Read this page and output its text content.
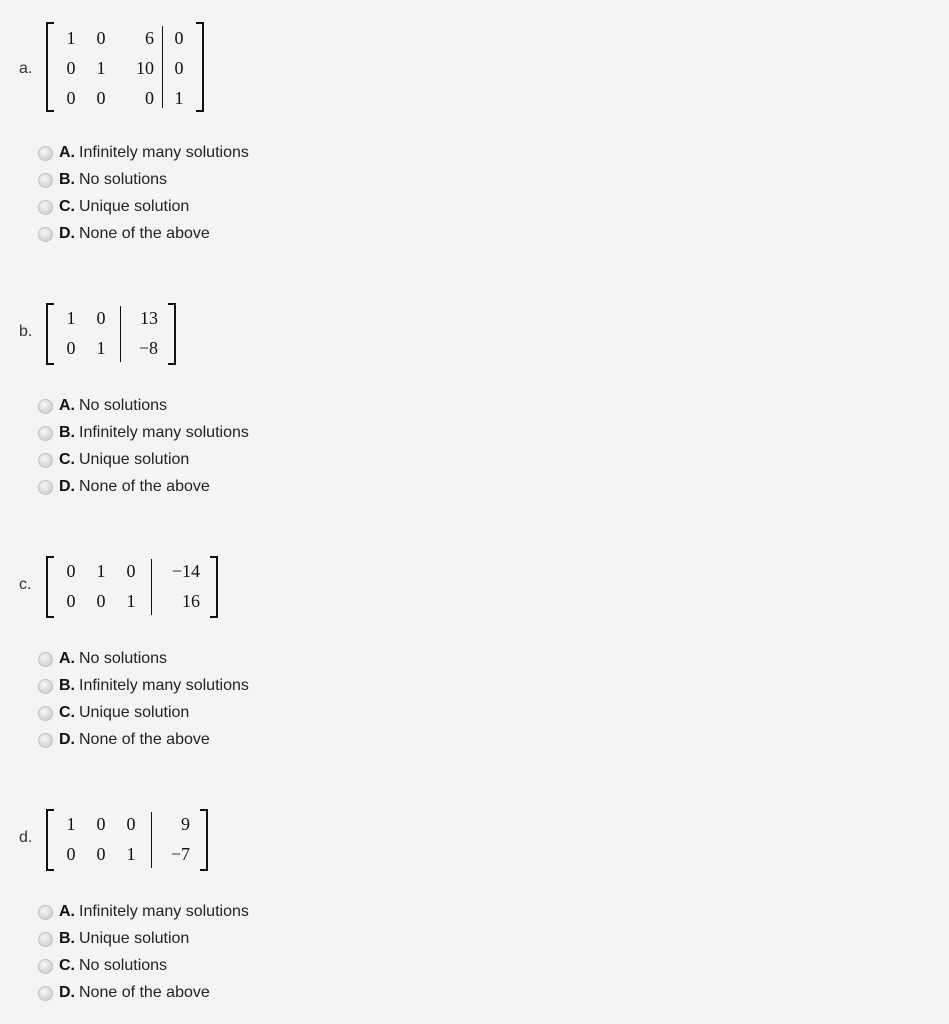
a.
1	0	6	0
0	1	10	0
0	0	0	1
A. Infinitely many solutions
B. No solutions
C. Unique solution
D. None of the above
b.
1	0	13
0	1	−8
A. No solutions
B. Infinitely many solutions
C. Unique solution
D. None of the above
c.
0	1	0	−14
0	0	1	16
A. No solutions
B. Infinitely many solutions
C. Unique solution
D. None of the above
d.
1	0	0	9
0	0	1	−7
A. Infinitely many solutions
B. Unique solution
C. No solutions
D. None of the above
